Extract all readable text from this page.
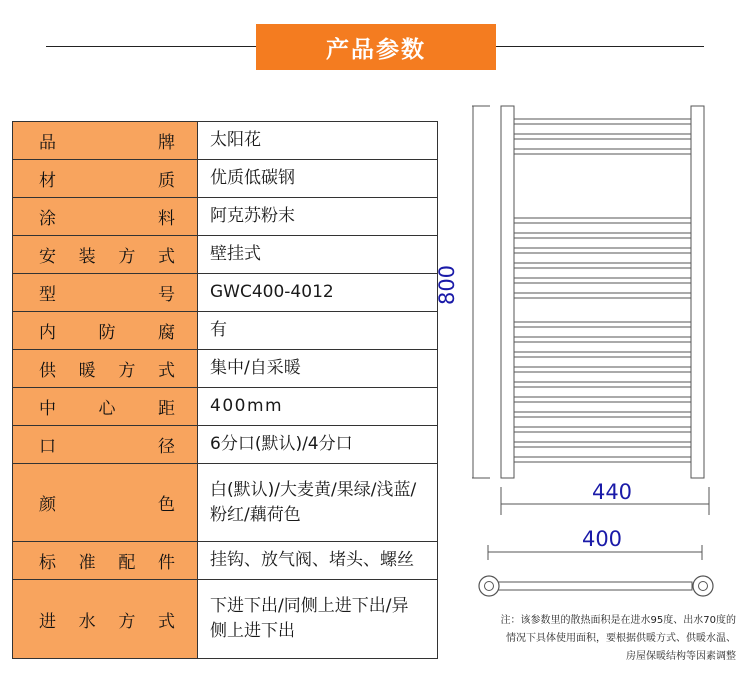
产品参数
品牌	太阳花
材质	优质低碳钢
涂料	阿克苏粉末
安装方式	壁挂式
型号	GWC400-4012
内防腐	有
供暖方式	集中/自采暖
中心距	400mm
口径	6分口(默认)/4分口
颜色	白(默认)/大麦黄/果绿/浅蓝/粉红/藕荷色
标准配件	挂钩、放气阀、堵头、螺丝
进水方式	下进下出/同侧上进下出/异侧上进下出
800
440
400
注：该参数里的散热面积是在进水95度、出水70度的
情况下具体使用面积，要根据供暖方式、供暖水温、
房屋保暖结构等因素调整
